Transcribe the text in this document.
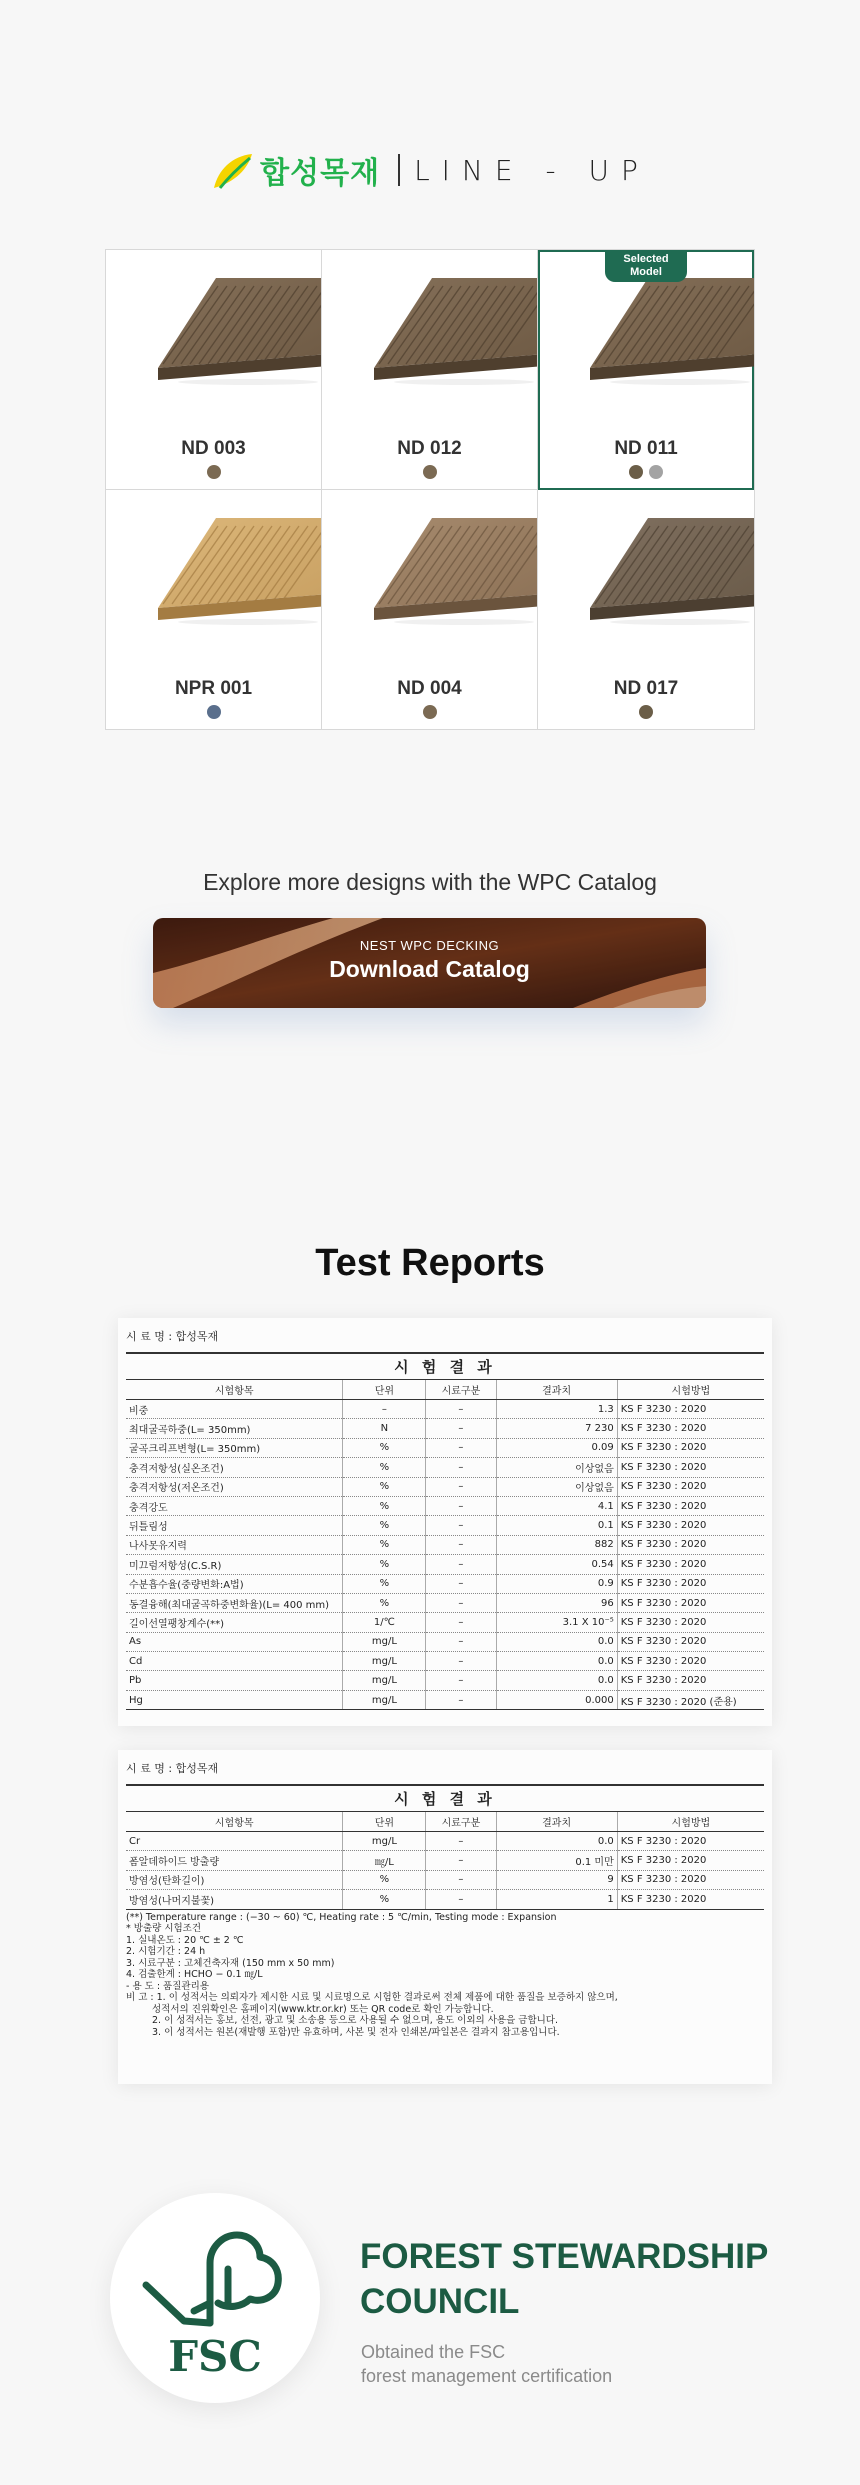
합성목재 LINE - UP
ND 003	ND 012
Selected
Model
ND 011
NPR 001	ND 004	ND 017
Explore more designs with the WPC Catalog
NEST WPC DECKING
Download Catalog
Test Reports
시 료 명 : 합성목재
시 험 결 과
시험항목	단위	시료구분	결과치	시험방법
비중	–	–	1.3	KS F 3230 : 2020
최대굴곡하중(L= 350mm)	N	–	7 230	KS F 3230 : 2020
굴곡크리프변형(L= 350mm)	%	–	0.09	KS F 3230 : 2020
충격저항성(실온조건)	%	–	이상없음	KS F 3230 : 2020
충격저항성(저온조건)	%	–	이상없음	KS F 3230 : 2020
충격강도	%	–	4.1	KS F 3230 : 2020
뒤틀림성	%	–	0.1	KS F 3230 : 2020
나사못유지력	%	–	882	KS F 3230 : 2020
미끄럼저항성(C.S.R)	%	–	0.54	KS F 3230 : 2020
수분흡수율(중량변화:A법)	%	–	0.9	KS F 3230 : 2020
동결융해(최대굴곡하중변화율)(L= 400 mm)	%	–	96	KS F 3230 : 2020
길이선열팽창계수(**)	1/℃	–	3.1 X 10⁻⁵	KS F 3230 : 2020
As	mg/L	–	0.0	KS F 3230 : 2020
Cd	mg/L	–	0.0	KS F 3230 : 2020
Pb	mg/L	–	0.0	KS F 3230 : 2020
Hg	mg/L	–	0.000	KS F 3230 : 2020 (준용)
시 료 명 : 합성목재
시 험 결 과
시험항목	단위	시료구분	결과치	시험방법
Cr	mg/L	–	0.0	KS F 3230 : 2020
폼알데하이드 방출량	㎎/L	–	0.1 미만	KS F 3230 : 2020
방염성(탄화길이)	%	–	9	KS F 3230 : 2020
방염성(나머지불꽃)	%	–	1	KS F 3230 : 2020
(**) Temperature range : (−30 ~ 60) ℃, Heating rate : 5 ℃/min, Testing mode : Expansion
* 방출량 시험조건
1. 실내온도 : 20 ℃ ± 2 ℃
2. 시험기간 : 24 h
3. 시료구분 : 고체건축자재 (150 mm x 50 mm)
4. 검출한계 : HCHO − 0.1 ㎎/L
- 용 도 : 품질관리용
비 고 : 1. 이 성적서는 의뢰자가 제시한 시료 및 시료명으로 시험한 결과로써 전체 제품에 대한 품질을 보증하지 않으며,
성적서의 진위확인은 홈페이지(www.ktr.or.kr) 또는 QR code로 확인 가능합니다.
2. 이 성적서는 홍보, 선전, 광고 및 소송용 등으로 사용될 수 없으며, 용도 이외의 사용을 금합니다.
3. 이 성적서는 원본(재발행 포함)만 유효하며, 사본 및 전자 인쇄본/파일본은 결과지 참고용입니다.
FSC
FOREST STEWARDSHIP
COUNCIL
Obtained the FSC
forest management certification
